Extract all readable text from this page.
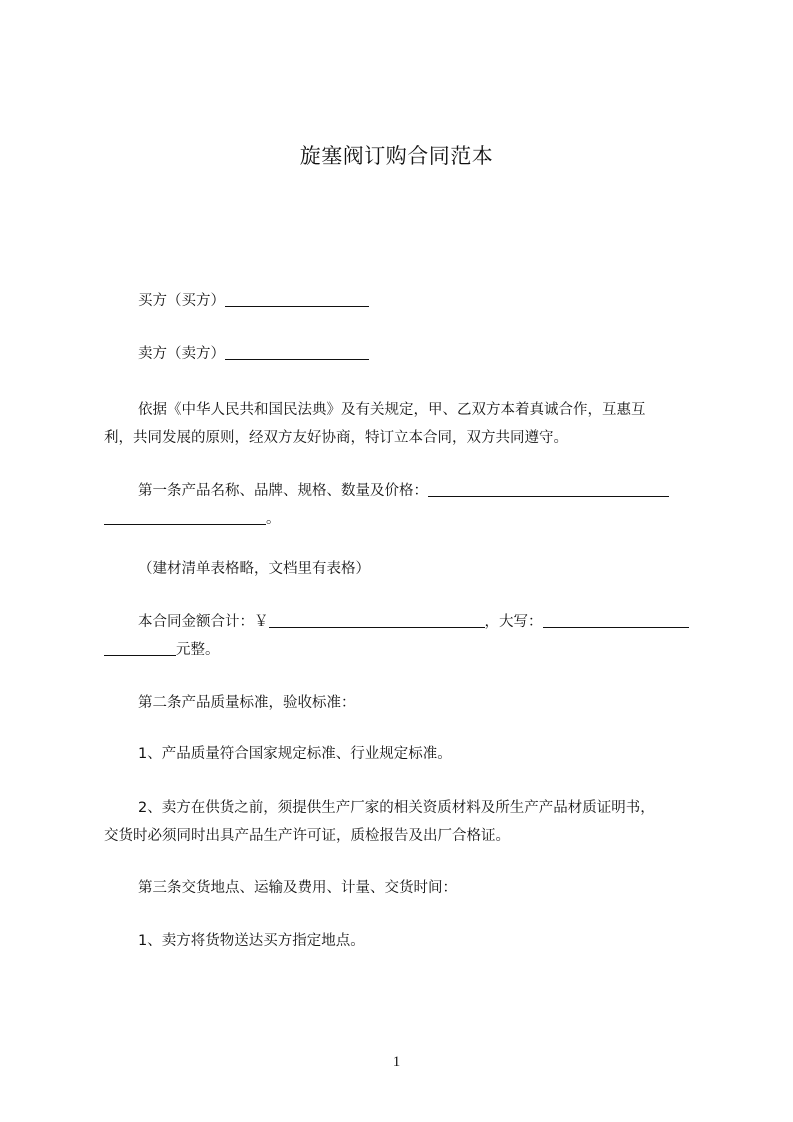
旋塞阀订购合同范本
买方（买方）
卖方（卖方）
依据《中华人民共和国民法典》及有关规定，甲、乙双方本着真诚合作，互惠互
利，共同发展的原则，经双方友好协商，特订立本合同，双方共同遵守。
第一条产品名称、品牌、规格、数量及价格：
。
（建材清单表格略，文档里有表格）
本合同金额合计：￥	，大写：
元整。
第二条产品质量标准，验收标准：
1、产品质量符合国家规定标准、行业规定标准。
2、卖方在供货之前，须提供生产厂家的相关资质材料及所生产产品材质证明书，
交货时必须同时出具产品生产许可证，质检报告及出厂合格证。
第三条交货地点、运输及费用、计量、交货时间：
1、卖方将货物送达买方指定地点。
1
